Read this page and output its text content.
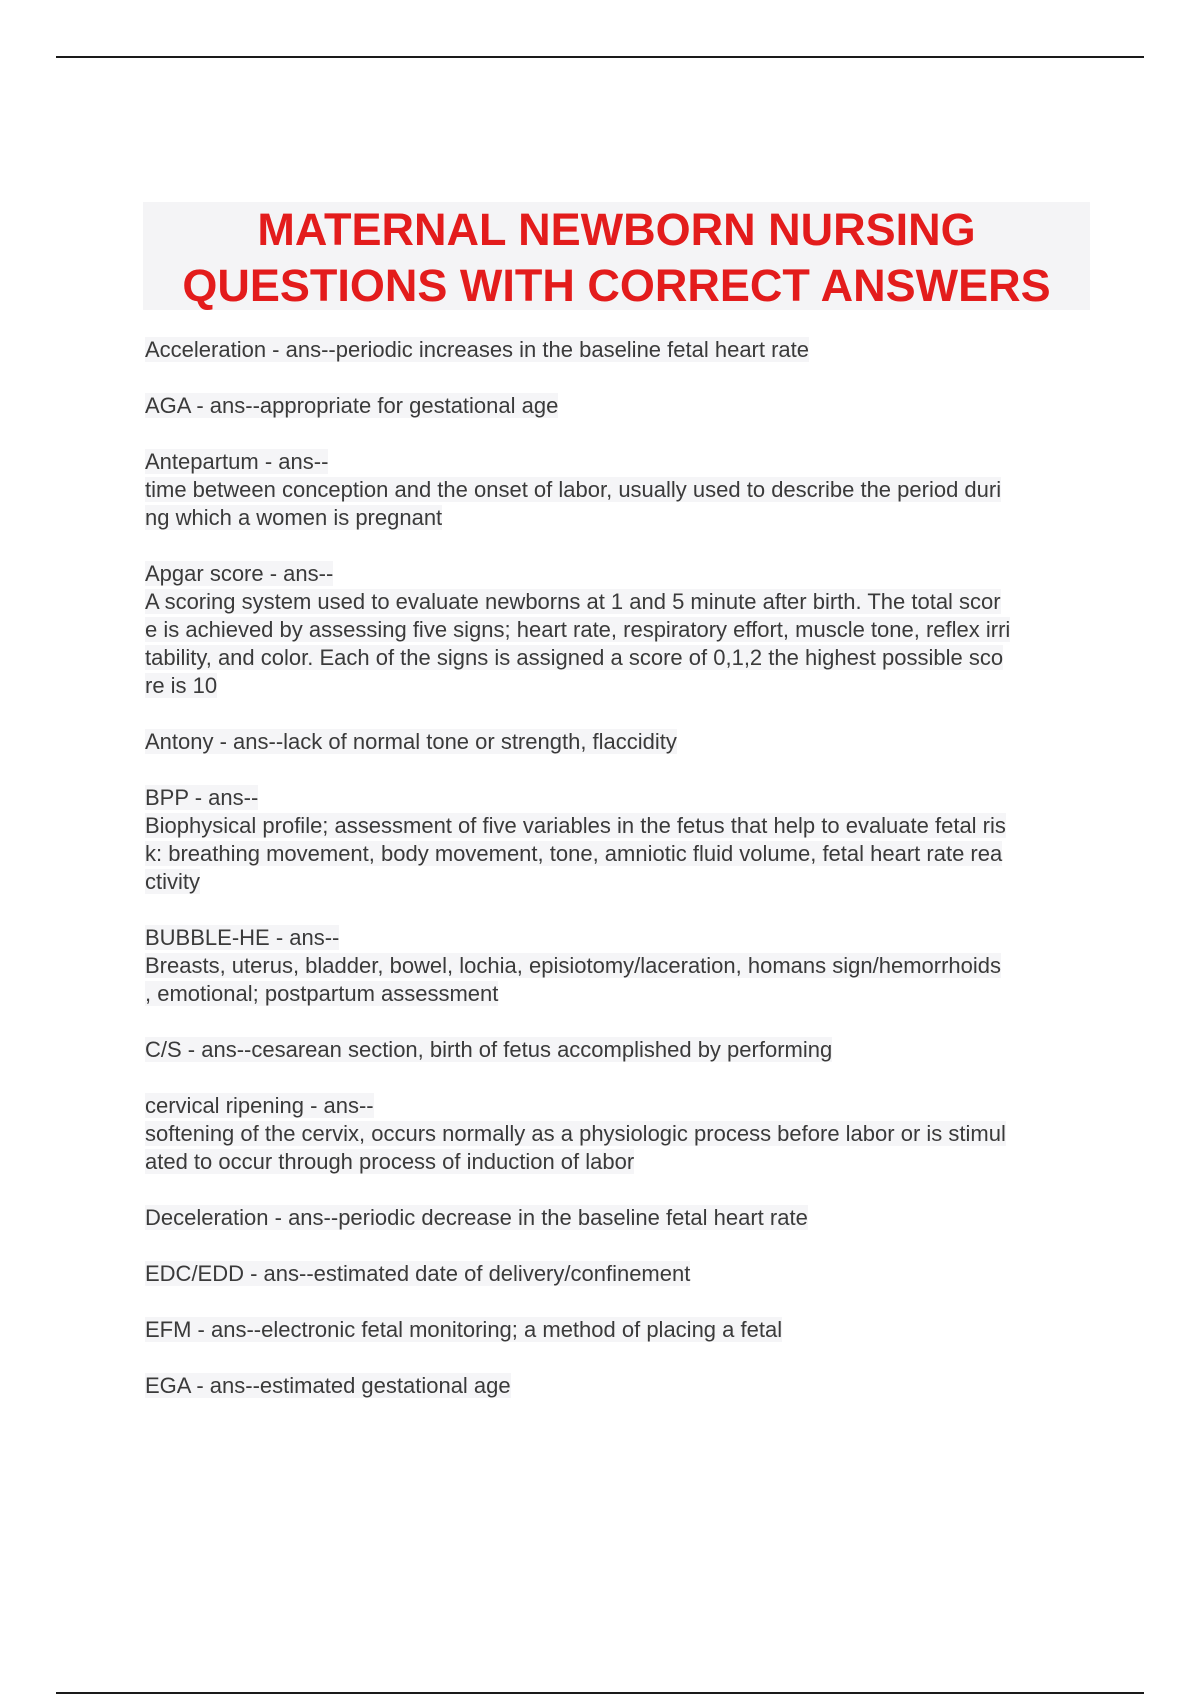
MATERNAL NEWBORN NURSING
QUESTIONS WITH CORRECT ANSWERS
Acceleration - ans--periodic increases in the baseline fetal heart rate
AGA - ans--appropriate for gestational age
Antepartum - ans--
time between conception and the onset of labor, usually used to describe the period duri
ng which a women is pregnant
Apgar score - ans--
A scoring system used to evaluate newborns at 1 and 5 minute after birth. The total scor
e is achieved by assessing five signs; heart rate, respiratory effort, muscle tone, reflex irri
tability, and color. Each of the signs is assigned a score of 0,1,2 the highest possible sco
re is 10
Antony - ans--lack of normal tone or strength, flaccidity
BPP - ans--
Biophysical profile; assessment of five variables in the fetus that help to evaluate fetal ris
k: breathing movement, body movement, tone, amniotic fluid volume, fetal heart rate rea
ctivity
BUBBLE-HE - ans--
Breasts, uterus, bladder, bowel, lochia, episiotomy/laceration, homans sign/hemorrhoids
, emotional; postpartum assessment
C/S - ans--cesarean section, birth of fetus accomplished by performing
cervical ripening - ans--
softening of the cervix, occurs normally as a physiologic process before labor or is stimul
ated to occur through process of induction of labor
Deceleration - ans--periodic decrease in the baseline fetal heart rate
EDC/EDD - ans--estimated date of delivery/confinement
EFM - ans--electronic fetal monitoring; a method of placing a fetal
EGA - ans--estimated gestational age
